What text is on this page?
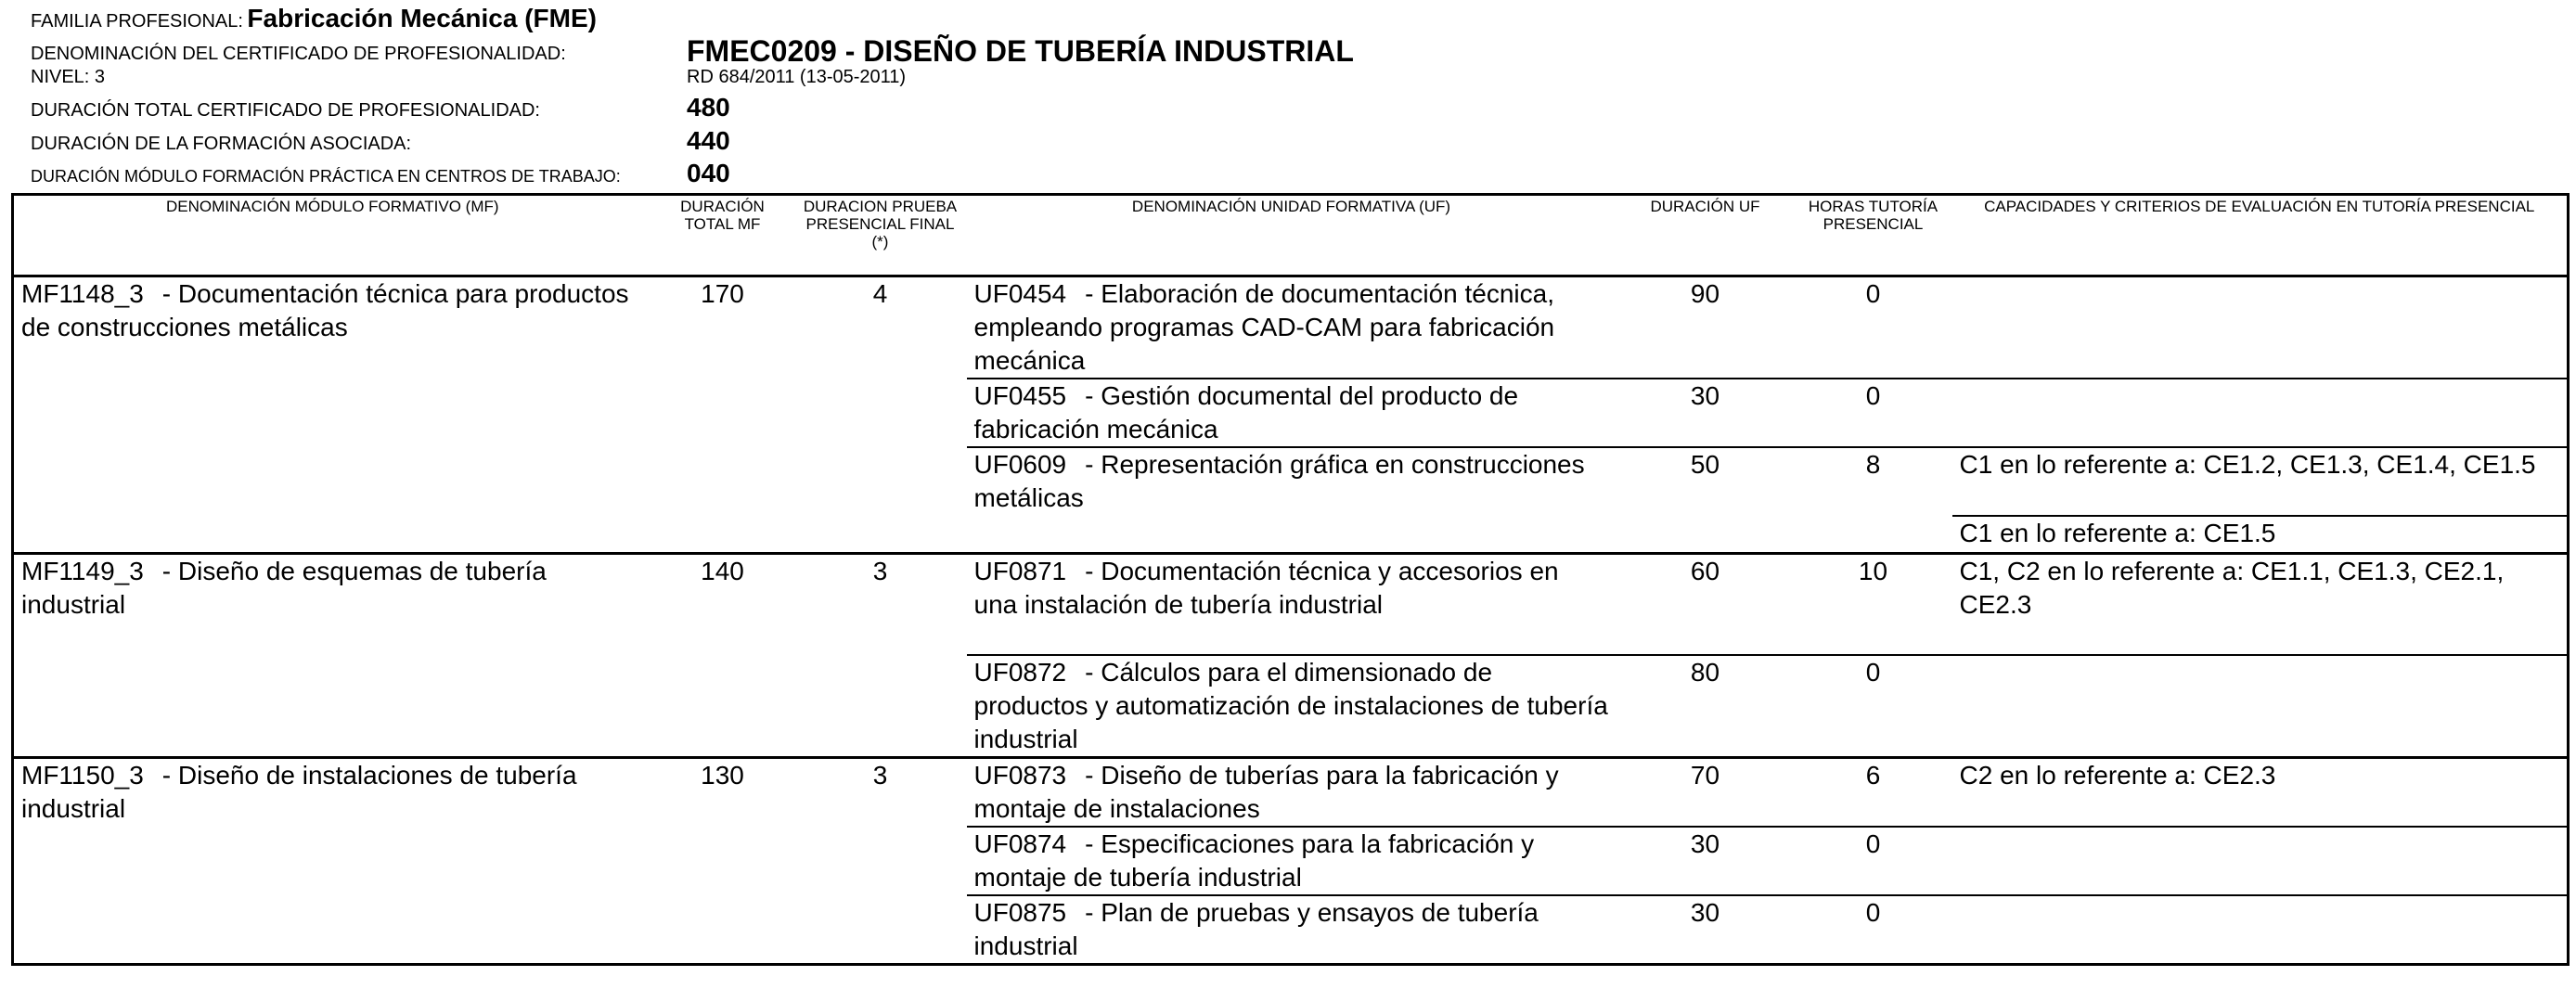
FAMILIA PROFESIONAL: Fabricación Mecánica (FME)
DENOMINACIÓN DEL CERTIFICADO DE PROFESIONALIDAD:	FMEC0209 - DISEÑO DE TUBERÍA INDUSTRIAL
NIVEL: 3	RD 684/2011 (13-05-2011)
DURACIÓN TOTAL CERTIFICADO DE PROFESIONALIDAD:	480
DURACIÓN DE LA FORMACIÓN ASOCIADA:	440
DURACIÓN MÓDULO FORMACIÓN PRÁCTICA EN CENTROS DE TRABAJO:	040
DENOMINACIÓN MÓDULO FORMATIVO (MF)	DURACIÓN TOTAL MF	DURACION PRUEBA PRESENCIAL FINAL (*)	DENOMINACIÓN UNIDAD FORMATIVA (UF)	DURACIÓN UF	HORAS TUTORÍA PRESENCIAL	CAPACIDADES Y CRITERIOS DE EVALUACIÓN EN TUTORÍA PRESENCIAL
MF1148_3 - Documentación técnica para productos de construcciones metálicas	170	4	UF0454 - Elaboración de documentación técnica, empleando programas CAD-CAM para fabricación mecánica	90	0	
			UF0455 - Gestión documental del producto de fabricación mecánica	30	0	
			UF0609 - Representación gráfica en construcciones metálicas	50	8	C1 en lo referente a: CE1.2, CE1.3, CE1.4, CE1.5
						C1 en lo referente a: CE1.5
MF1149_3 - Diseño de esquemas de tubería industrial	140	3	UF0871 - Documentación técnica y accesorios en una instalación de tubería industrial	60	10	C1, C2 en lo referente a: CE1.1, CE1.3, CE2.1, CE2.3
			UF0872 - Cálculos para el dimensionado de productos y automatización de instalaciones de tubería industrial	80	0	
MF1150_3 - Diseño de instalaciones de tubería industrial	130	3	UF0873 - Diseño de tuberías para la fabricación y montaje de instalaciones	70	6	C2 en lo referente a: CE2.3
			UF0874 - Especificaciones para la fabricación y montaje de tubería industrial	30	0	
			UF0875 - Plan de pruebas y ensayos de tubería industrial	30	0	
